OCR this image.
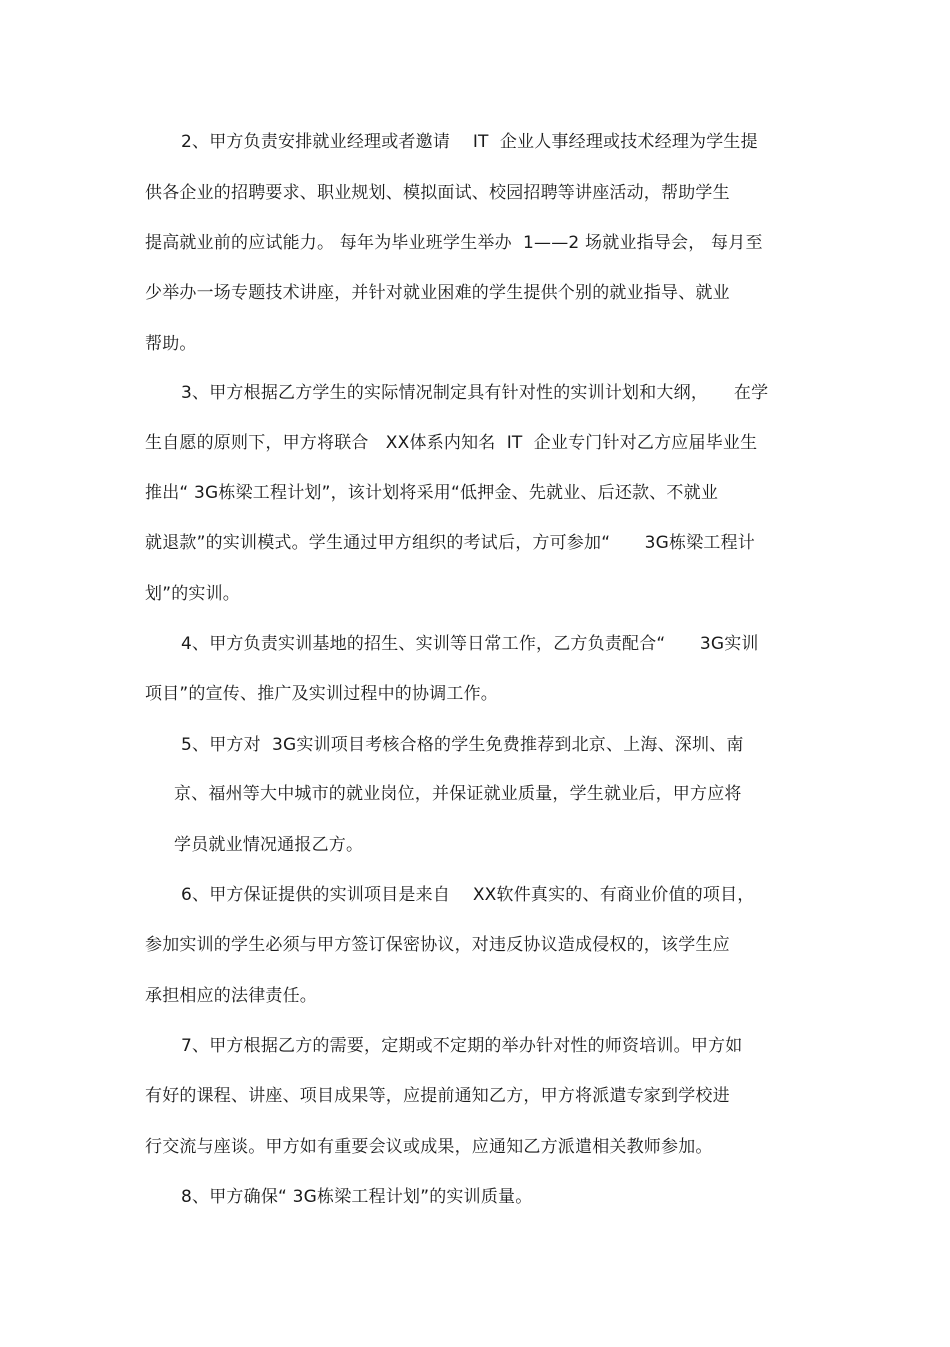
2、甲方负责安排就业经理或者邀请　 IT  企业人事经理或技术经理为学生提
供各企业的招聘要求、职业规划、模拟面试、校园招聘等讲座活动，帮助学生
提高就业前的应试能力。 每年为毕业班学生举办  1——2 场就业指导会， 每月至
少举办一场专题技术讲座，并针对就业困难的学生提供个别的就业指导、就业
帮助。
3、甲方根据乙方学生的实际情况制定具有针对性的实训计划和大纲，　　在学
生自愿的原则下，甲方将联合　XX体系内知名  IT  企业专门针对乙方应届毕业生
推出“ 3G栋梁工程计划”，该计划将采用“低押金、先就业、后还款、不就业
就退款”的实训模式。学生通过甲方组织的考试后，方可参加“　　3G栋梁工程计
划”的实训。
4、甲方负责实训基地的招生、实训等日常工作，乙方负责配合“　　3G实训
项目”的宣传、推广及实训过程中的协调工作。
5、甲方对  3G实训项目考核合格的学生免费推荐到北京、上海、深圳、南
京、福州等大中城市的就业岗位，并保证就业质量，学生就业后，甲方应将
学员就业情况通报乙方。
6、甲方保证提供的实训项目是来自　 XX软件真实的、有商业价值的项目，
参加实训的学生必须与甲方签订保密协议，对违反协议造成侵权的，该学生应
承担相应的法律责任。
7、甲方根据乙方的需要，定期或不定期的举办针对性的师资培训。甲方如
有好的课程、讲座、项目成果等，应提前通知乙方，甲方将派遣专家到学校进
行交流与座谈。甲方如有重要会议或成果，应通知乙方派遣相关教师参加。
8、甲方确保“ 3G栋梁工程计划”的实训质量。
